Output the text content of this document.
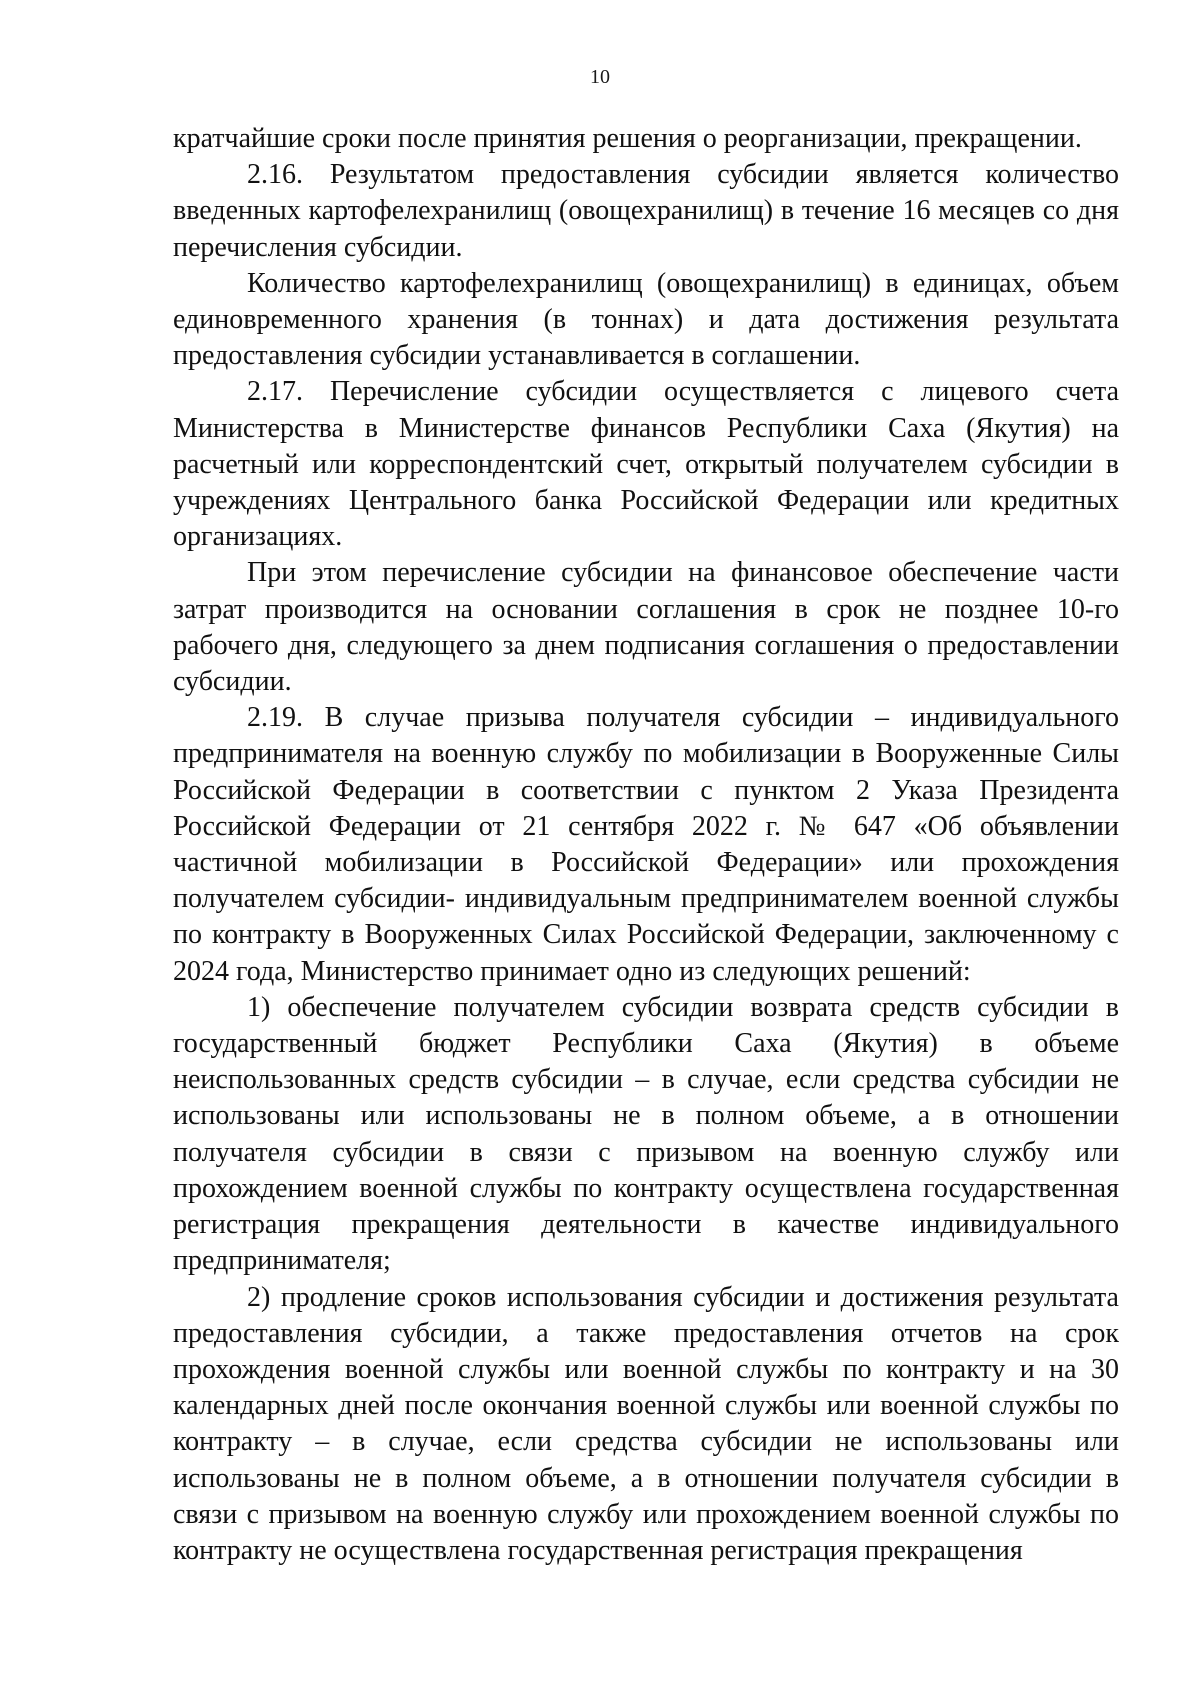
10

кратчайшие сроки после принятия решения о реорганизации, прекращении.

2.16. Результатом предоставления субсидии является количество введенных картофелехранилищ (овощехранилищ) в течение 16 месяцев со дня перечисления субсидии.

Количество картофелехранилищ (овощехранилищ) в единицах, объем единовременного хранения (в тоннах) и дата достижения результата предоставления субсидии устанавливается в соглашении.

2.17. Перечисление субсидии осуществляется с лицевого счета Министерства в Министерстве финансов Республики Саха (Якутия) на расчетный или корреспондентский счет, открытый получателем субсидии в учреждениях Центрального банка Российской Федерации или кредитных организациях.

При этом перечисление субсидии на финансовое обеспечение части затрат производится на основании соглашения в срок не позднее 10-го рабочего дня, следующего за днем подписания соглашения о предоставлении субсидии.

2.19. В случае призыва получателя субсидии – индивидуального предпринимателя на военную службу по мобилизации в Вооруженные Силы Российской Федерации в соответствии с пунктом 2 Указа Президента Российской Федерации от 21 сентября 2022 г. № 647 «Об объявлении частичной мобилизации в Российской Федерации» или прохождения получателем субсидии- индивидуальным предпринимателем военной службы по контракту в Вооруженных Силах Российской Федерации, заключенному с 2024 года, Министерство принимает одно из следующих решений:

1) обеспечение получателем субсидии возврата средств субсидии в государственный бюджет Республики Саха (Якутия) в объеме неиспользованных средств субсидии – в случае, если средства субсидии не использованы или использованы не в полном объеме, а в отношении получателя субсидии в связи с призывом на военную службу или прохождением военной службы по контракту осуществлена государственная регистрация прекращения деятельности в качестве индивидуального предпринимателя;

2) продление сроков использования субсидии и достижения результата предоставления субсидии, а также предоставления отчетов на срок прохождения военной службы или военной службы по контракту и на 30 календарных дней после окончания военной службы или военной службы по контракту – в случае, если средства субсидии не использованы или использованы не в полном объеме, а в отношении получателя субсидии в связи с призывом на военную службу или прохождением военной службы по контракту не осуществлена государственная регистрация прекращения
